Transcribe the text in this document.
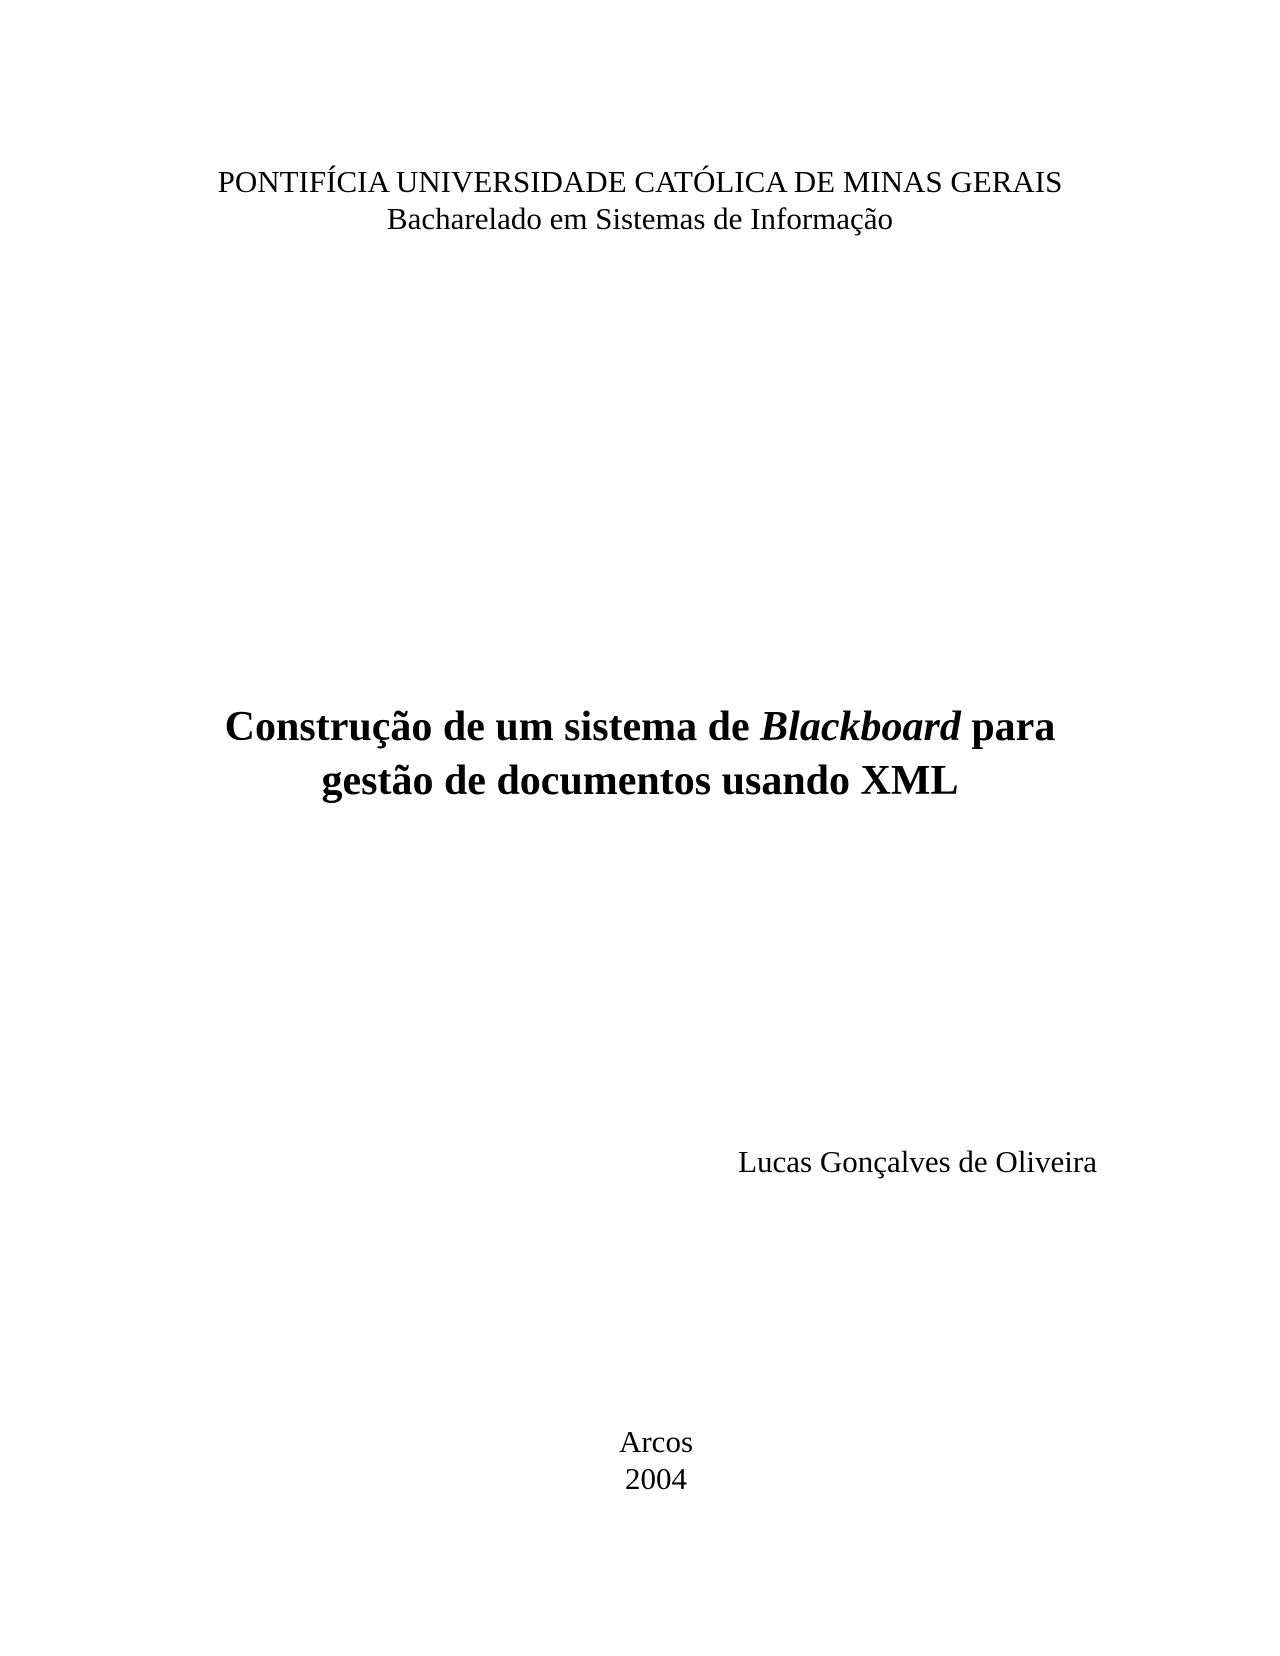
PONTIFÍCIA UNIVERSIDADE CATÓLICA DE MINAS GERAIS
Bacharelado em Sistemas de Informação
Construção de um sistema de Blackboard para
gestão de documentos usando XML
Lucas Gonçalves de Oliveira
Arcos
2004
